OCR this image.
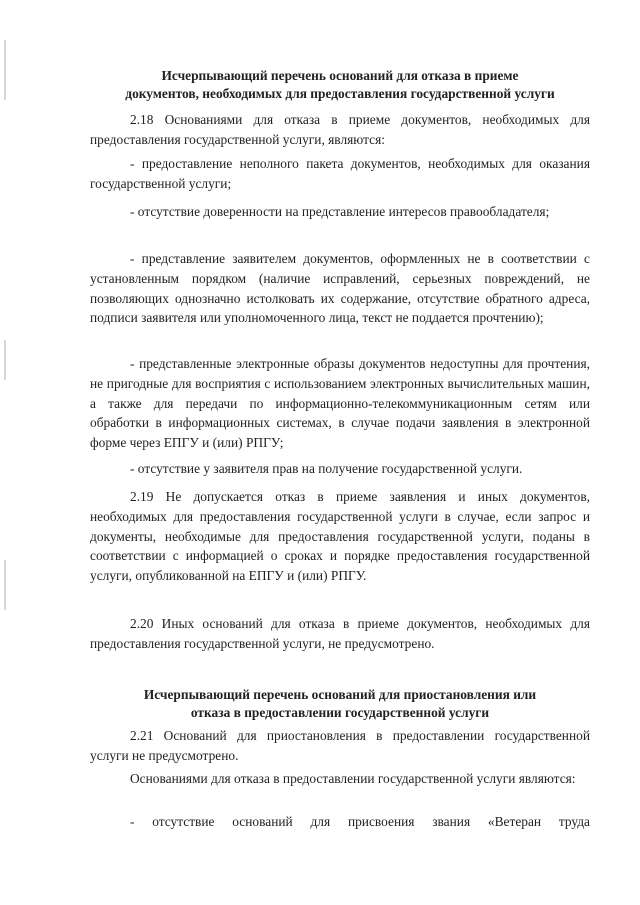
Исчерпывающий перечень оснований для отказа в приеме
документов, необходимых для предоставления государственной услуги
2.18 Основаниями для отказа в приеме документов, необходимых для предоставления государственной услуги, являются:
- предоставление неполного пакета документов, необходимых для оказания государственной услуги;
- отсутствие доверенности на представление интересов правообладателя;
- представление заявителем документов, оформленных не в соответствии с установленным порядком (наличие исправлений, серьезных повреждений, не позволяющих однозначно истолковать их содержание, отсутствие обратного адреса, подписи заявителя или уполномоченного лица, текст не поддается прочтению);
- представленные электронные образы документов недоступны для прочтения, не пригодные для восприятия с использованием электронных вычислительных машин, а также для передачи по информационно-телекоммуникационным сетям или обработки в информационных системах, в случае подачи заявления в электронной форме через ЕПГУ и (или) РПГУ;
- отсутствие у заявителя прав на получение государственной услуги.
2.19 Не допускается отказ в приеме заявления и иных документов, необходимых для предоставления государственной услуги в случае, если запрос и документы, необходимые для предоставления государственной услуги, поданы в соответствии с информацией о сроках и порядке предоставления государственной услуги, опубликованной на ЕПГУ и (или) РПГУ.
2.20 Иных оснований для отказа в приеме документов, необходимых для предоставления государственной услуги, не предусмотрено.
Исчерпывающий перечень оснований для приостановления или
отказа в предоставлении государственной услуги
2.21 Оснований для приостановления в предоставлении государственной услуги не предусмотрено.
Основаниями для отказа в предоставлении государственной услуги являются:
- отсутствие оснований для присвоения звания «Ветеран труда
